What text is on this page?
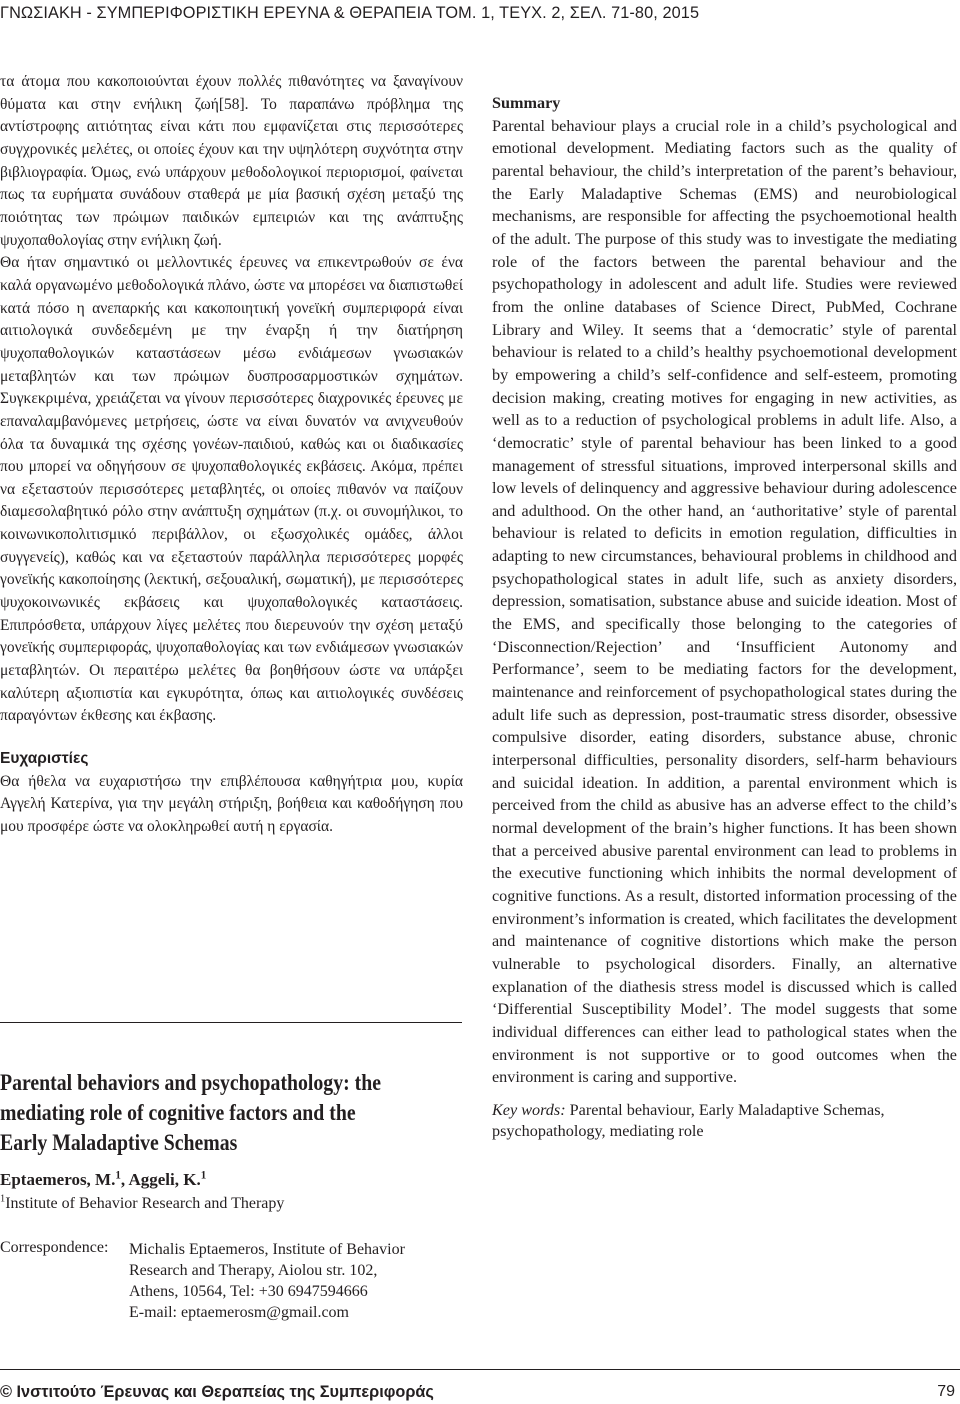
ΓΝΩΣΙΑΚΗ - ΣΥΜΠΕΡΙΦΟΡΙΣΤΙΚΗ ΕΡΕΥΝΑ & ΘΕΡΑΠΕΙΑ ΤΟΜ. 1, ΤΕΥΧ. 2, ΣΕΛ. 71-80, 2015

τα άτομα που κακοποιούνται έχουν πολλές πιθανότητες να ξαναγίνουν θύματα και στην ενήλικη ζωή[58]. Το παραπάνω πρόβλημα της αντίστροφης αιτιότητας είναι κάτι που εμφανίζεται στις περισσότερες συγχρονικές μελέτες, οι οποίες έχουν και την υψηλότερη συχνότητα στην βιβλιογραφία. Όμως, ενώ υπάρχουν μεθοδολογικοί περιορισμοί, φαίνεται πως τα ευρήματα συνάδουν σταθερά με μία βασική σχέση μεταξύ της ποιότητας των πρώιμων παιδικών εμπειριών και της ανάπτυξης ψυχοπαθολογίας στην ενήλικη ζωή.

Θα ήταν σημαντικό οι μελλοντικές έρευνες να επικεντρωθούν σε ένα καλά οργανωμένο μεθοδολογικά πλάνο, ώστε να μπορέσει να διαπιστωθεί κατά πόσο η ανεπαρκής και κακοποιητική γονεϊκή συμπεριφορά είναι αιτιολογικά συνδεδεμένη με την έναρξη ή την διατήρηση ψυχοπαθολογικών καταστάσεων μέσω ενδιάμεσων γνωσιακών μεταβλητών και των πρώιμων δυσπροσαρμοστικών σχημάτων. Συγκεκριμένα, χρειάζεται να γίνουν περισσότερες διαχρονικές έρευνες με επαναλαμβανόμενες μετρήσεις, ώστε να είναι δυνατόν να ανιχνευθούν όλα τα δυναμικά της σχέσης γονέων-παιδιού, καθώς και οι διαδικασίες που μπορεί να οδηγήσουν σε ψυχοπαθολογικές εκβάσεις. Ακόμα, πρέπει να εξεταστούν περισσότερες μεταβλητές, οι οποίες πιθανόν να παίζουν διαμεσολαβητικό ρόλο στην ανάπτυξη σχημάτων (π.χ. οι συνομήλικοι, το κοινωνικοπολιτισμικό περιβάλλον, οι εξωσχολικές ομάδες, άλλοι συγγενείς), καθώς και να εξεταστούν παράλληλα περισσότερες μορφές γονεϊκής κακοποίησης (λεκτική, σεξουαλική, σωματική), με περισσότερες ψυχοκοινωνικές εκβάσεις και ψυχοπαθολογικές καταστάσεις. Επιπρόσθετα, υπάρχουν λίγες μελέτες που διερευνούν την σχέση μεταξύ γονεϊκής συμπεριφοράς, ψυχοπαθολογίας και των ενδιάμεσων γνωσιακών μεταβλητών. Οι περαιτέρω μελέτες θα βοηθήσουν ώστε να υπάρξει καλύτερη αξιοπιστία και εγκυρότητα, όπως και αιτιολογικές συνδέσεις παραγόντων έκθεσης και έκβασης.

Ευχαριστίες

Θα ήθελα να ευχαριστήσω την επιβλέπουσα καθηγήτρια μου, κυρία Αγγελή Κατερίνα, για την μεγάλη στήριξη, βοήθεια και καθοδήγηση που μου προσφέρε ώστε να ολοκληρωθεί αυτή η εργασία.

Parental behaviors and psychopathology: the mediating role of cognitive factors and the Early Maladaptive Schemas
Eptaemeros, M.$^1$, Aggeli, K.$^1$
$^1$Institute of Behavior Research and Therapy
Correspondence: Michalis Eptaemeros, Institute of Behavior Research and Therapy, Aiolou str. 102,
Athens, 10564, Tel: +30 6947594666
E-mail: eptaemerosm@gmail.com

Summary

Parental behaviour plays a crucial role in a child’s psychological and emotional development. Mediating factors such as the quality of parental behaviour, the child’s interpretation of the parent’s behaviour, the Early Maladaptive Schemas (EMS) and neurobiological mechanisms, are responsible for affecting the psychoemotional health of the adult. The purpose of this study was to investigate the mediating role of the factors between the parental behaviour and the psychopathology in adolescent and adult life. Studies were reviewed from the online databases of Science Direct, PubMed, Cochrane Library and Wiley. It seems that a ‘democratic’ style of parental behaviour is related to a child’s healthy psychoemotional development by empowering a child’s self-confidence and self-esteem, promoting decision making, creating motives for engaging in new activities, as well as to a reduction of psychological problems in adult life. Also, a ‘democratic’ style of parental behaviour has been linked to a good management of stressful situations, improved interpersonal skills and low levels of delinquency and aggressive behaviour during adolescence and adulthood. On the other hand, an ‘authoritative’ style of parental behaviour is related to deficits in emotion regulation, difficulties in adapting to new circumstances, behavioural problems in childhood and psychopathological states in adult life, such as anxiety disorders, depression, somatisation, substance abuse and suicide ideation. Most of the EMS, and specifically those belonging to the categories of ‘Disconnection/Rejection’ and ‘Insufficient Autonomy and Performance’, seem to be mediating factors for the development, maintenance and reinforcement of psychopathological states during the adult life such as depression, post-traumatic stress disorder, obsessive compulsive disorder, eating disorders, substance abuse, chronic interpersonal difficulties, personality disorders, self-harm behaviours and suicidal ideation. In addition, a parental environment which is perceived from the child as abusive has an adverse effect to the child’s normal development of the brain’s higher functions. It has been shown that a perceived abusive parental environment can lead to problems in the executive functioning which inhibits the normal development of cognitive functions. As a result, distorted information processing of the environment’s information is created, which facilitates the development and maintenance of cognitive distortions which make the person vulnerable to psychological disorders. Finally, an alternative explanation of the diathesis stress model is discussed which is called ‘Differential Susceptibility Model’. The model suggests that some individual differences can either lead to pathological states when the environment is not supportive or to good outcomes when the environment is caring and supportive.

Key words: Parental behaviour, Early Maladaptive Schemas, psychopathology, mediating role

© Ινστιτούτο Έρευνας και Θεραπείας της Συμπεριφοράς	79
